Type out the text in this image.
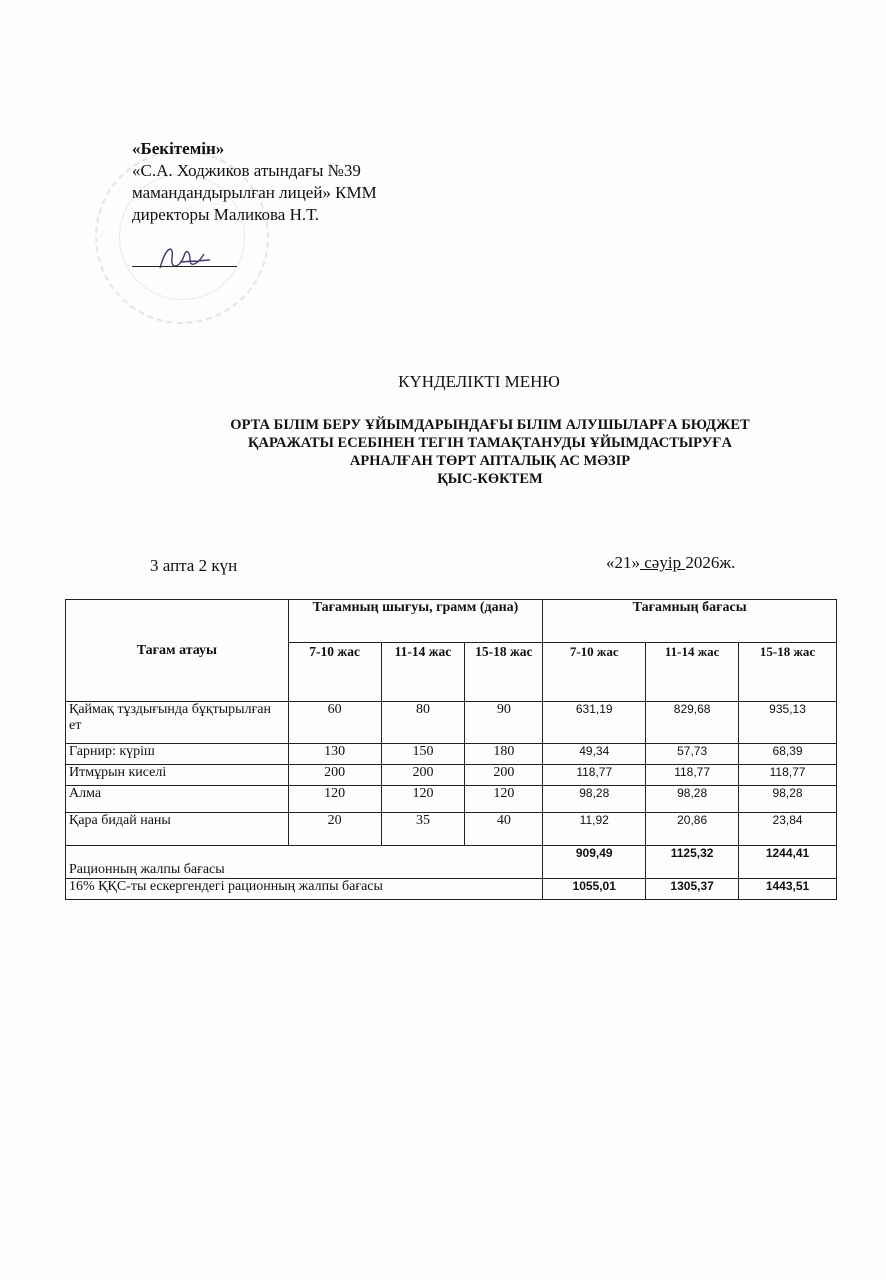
«Бекітемін»
«С.А. Ходжиков атындағы №39
мамандандырылған лицей» КММ
директоры Маликова Н.Т.
КҮНДЕЛІКТІ МЕНЮ
ОРТА БІЛІМ БЕРУ ҰЙЫМДАРЫНДАҒЫ БІЛІМ АЛУШЫЛАРҒА БЮДЖЕТ
ҚАРАЖАТЫ ЕСЕБІНЕН ТЕГІН ТАМАҚТАНУДЫ ҰЙЫМДАСТЫРУҒА
АРНАЛҒАН ТӨРТ АПТАЛЫҚ АС МӘЗІР
ҚЫС-КӨКТЕМ
3 апта 2 күн	«21» сәуір 2026ж.
Тағам атауы	Тағамның шығуы, грамм (дана)			Тағамның бағасы		
	7-10 жас	11-14 жас	15-18 жас	7-10 жас	11-14 жас	15-18 жас
Қаймақ тұздығында бұқтырылған ет	60	80	90	631,19	829,68	935,13
Гарнир: күріш	130	150	180	49,34	57,73	68,39
Итмұрын киселі	200	200	200	118,77	118,77	118,77
Алма	120	120	120	98,28	98,28	98,28
Қара бидай наны	20	35	40	11,92	20,86	23,84
Рационның жалпы бағасы				909,49	1125,32	1244,41
16% ҚҚС-ты ескергендегі рационның жалпы бағасы				1055,01	1305,37	1443,51
